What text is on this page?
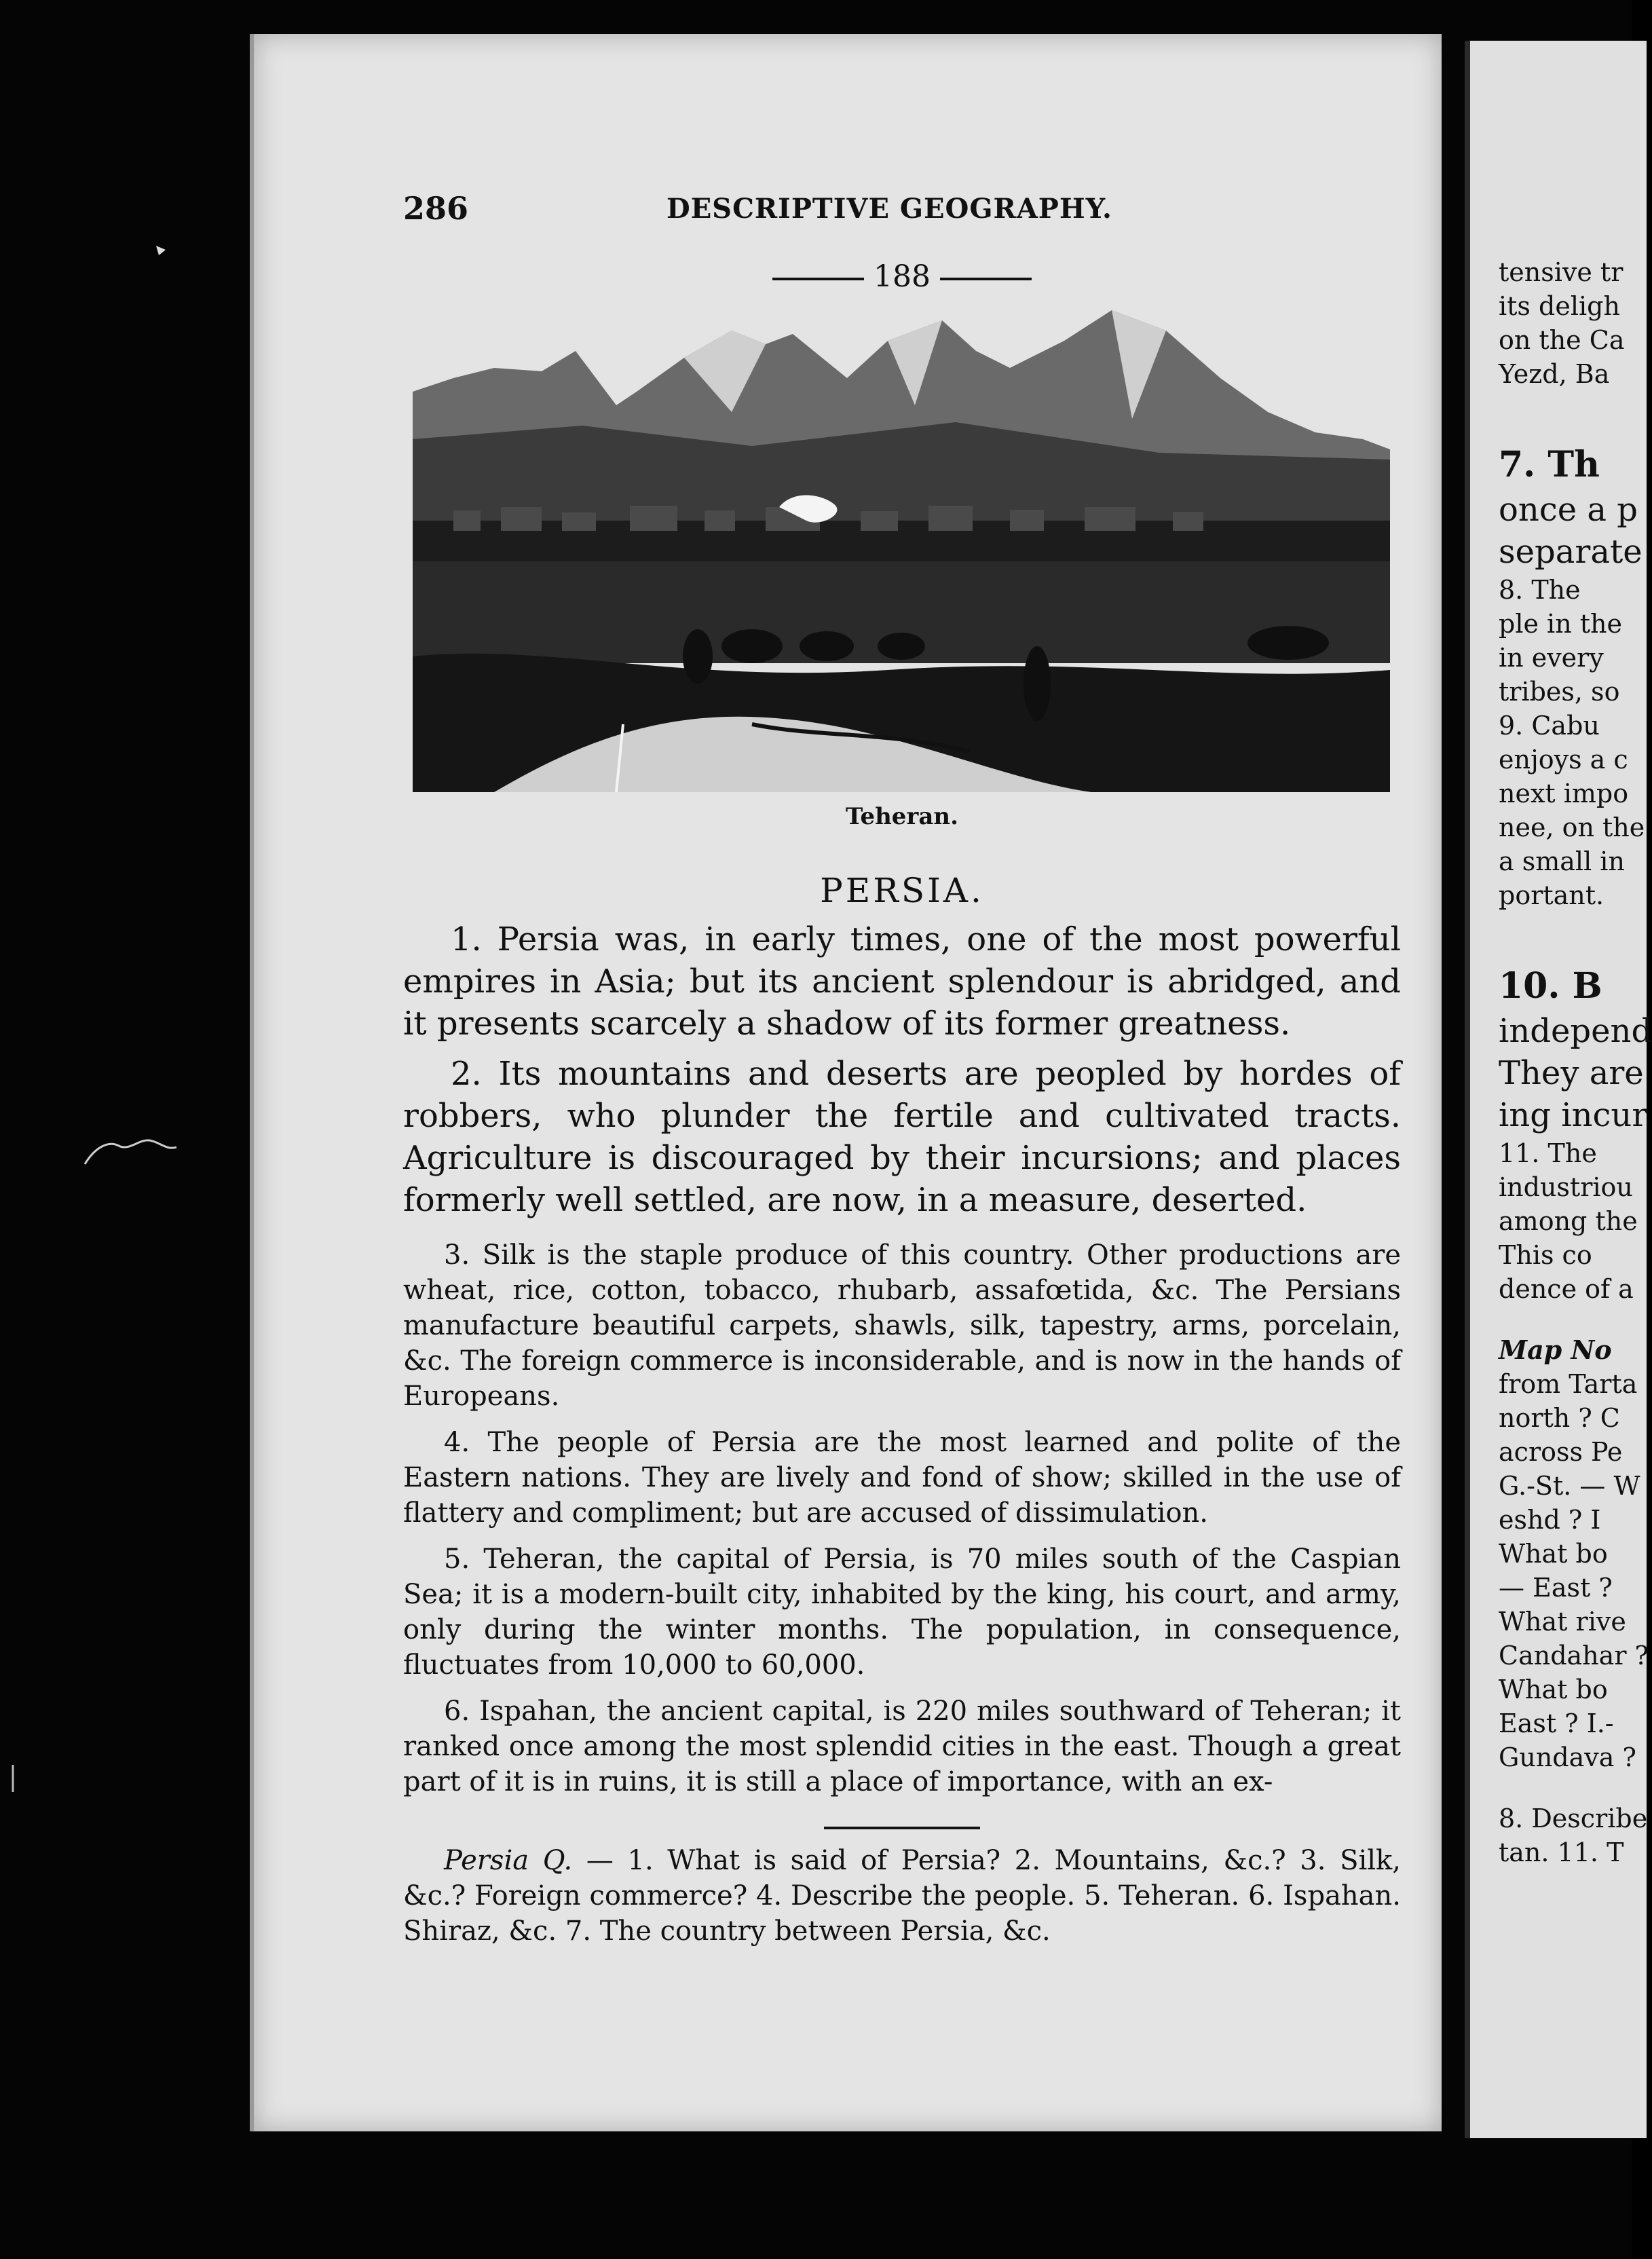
286	DESCRIPTIVE GEOGRAPHY.
188
Teheran.
PERSIA.

1. Persia was, in early times, one of the most powerful empires in Asia; but its ancient splendour is abridged, and it presents scarcely a shadow of its former greatness.

2. Its mountains and deserts are peopled by hordes of robbers, who plunder the fertile and cultivated tracts. Agriculture is discouraged by their incursions; and places formerly well settled, are now, in a measure, deserted.

3. Silk is the staple produce of this country. Other productions are wheat, rice, cotton, tobacco, rhubarb, assafœtida, &c. The Persians manufacture beautiful carpets, shawls, silk, tapestry, arms, porcelain, &c. The foreign commerce is inconsiderable, and is now in the hands of Europeans.

4. The people of Persia are the most learned and polite of the Eastern nations. They are lively and fond of show; skilled in the use of flattery and compliment; but are accused of dissimulation.

5. Teheran, the capital of Persia, is 70 miles south of the Caspian Sea; it is a modern-built city, inhabited by the king, his court, and army, only during the winter months. The population, in consequence, fluctuates from 10,000 to 60,000.

6. Ispahan, the ancient capital, is 220 miles southward of Teheran; it ranked once among the most splendid cities in the east. Though a great part of it is in ruins, it is still a place of importance, with an ex-

Persia Q. — 1. What is said of Persia? 2. Mountains, &c.? 3. Silk, &c.? Foreign commerce? 4. Describe the people. 5. Teheran. 6. Ispahan. Shiraz, &c. 7. The country between Persia, &c.

tensive tr
its deligh
on the Ca
Yezd, Ba
7. Th
once a p
separate
8. The
ple in the
in every
tribes, so
9. Cabu
enjoys a c
next impo
nee, on the
a small in
portant.
10. B
independ
They are
ing incur
11. The
industriou
among the
This co
dence of a
Map No
from Tarta
north ? C
across Pe
G.-St. — W
eshd ? I
What bo
— East ?
What rive
Candahar ?
What bo
East ? I.-
Gundava ?
8. Describe
tan. 11. T
